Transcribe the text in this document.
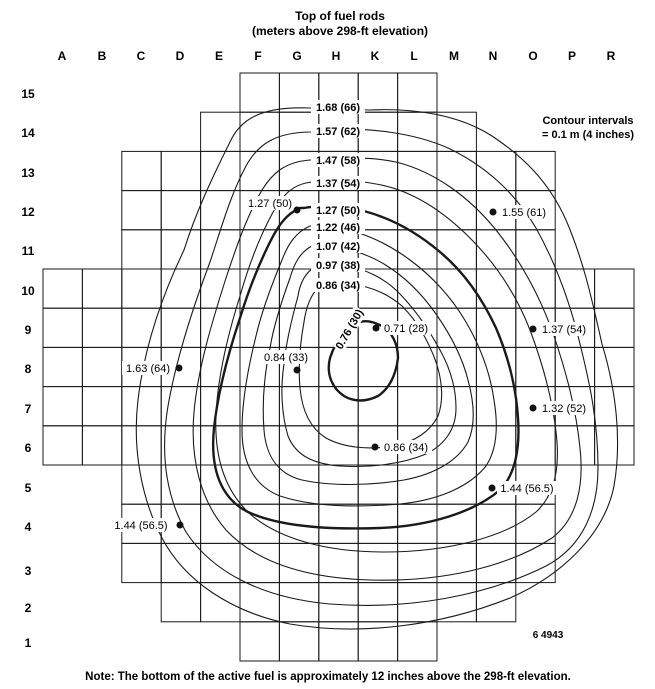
Top of fuel rods
(meters above 298-ft elevation)
A	B	C	D	E	F	G H	K	L	M N	O	P	R
15
14
13
12
11
10
9
8
7
6
5
4
3
2
1
1.68 (66)
1.57 (62)
1.47 (58)
1.37 (54)
1.27 (50)
1.22 (46)
1.07 (42)
0.97 (38)
0.86 (34)
0.76 (30)
1.27 (50)
1.55 (61)
0.71 (28)	1.37 (54)
1.63 (64)
0.84 (33)
1.32 (52)
0.86 (34)
1.44 (56.5)
1.44 (56.5)
Contour intervals
= 0.1 m (4 inches)
6 4943
Note: The bottom of the active fuel is approximately 12 inches above the 298-ft elevation.
